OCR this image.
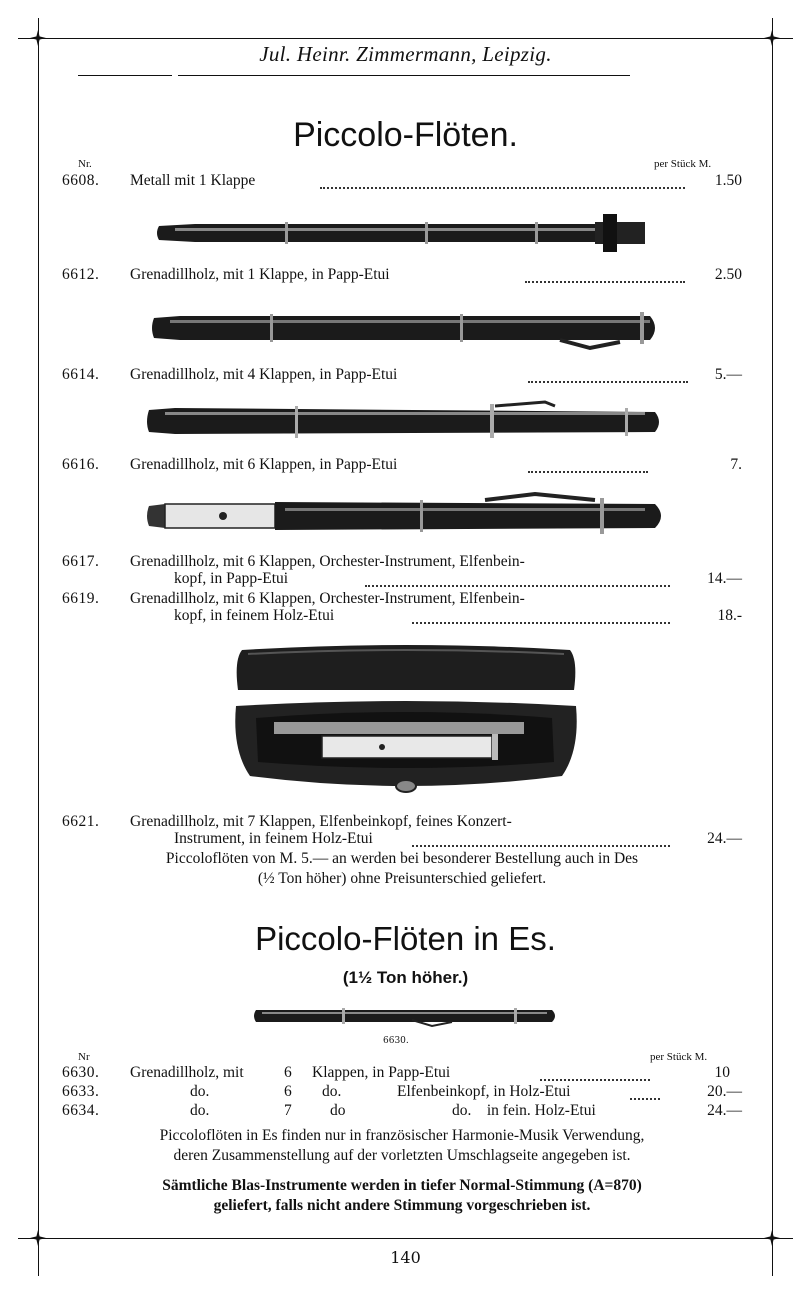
Jul. Heinr. Zimmermann, Leipzig.
Piccolo-Flöten.
Nr.	per Stück M.
6608.	Metall mit 1 Klappe	1.50
6612.	Grenadillholz, mit 1 Klappe, in Papp-Etui	2.50
6614.	Grenadillholz, mit 4 Klappen, in Papp-Etui	5.—
6616.	Grenadillholz, mit 6 Klappen, in Papp-Etui	7.
6617.	Grenadillholz, mit 6 Klappen, Orchester-Instrument, Elfenbein-
kopf, in Papp-Etui	14.—
6619.	Grenadillholz, mit 6 Klappen, Orchester-Instrument, Elfenbein-
kopf, in feinem Holz-Etui	18.-
6621.	Grenadillholz, mit 7 Klappen, Elfenbeinkopf, feines Konzert-
Instrument, in feinem Holz-Etui	24.—
Piccoloflöten von M. 5.— an werden bei besonderer Bestellung auch in Des
(½ Ton höher) ohne Preisunterschied geliefert.
Piccolo-Flöten in Es.
(1½ Ton höher.)
6630.
Nr	per Stück M.
6630.	Grenadillholz, mit	6 Klappen, in Papp-Etui	10
6633.	do.	6 do.	Elfenbeinkopf, in Holz-Etui	20.—
6634.	do.	7 do	do.    in fein. Holz-Etui	24.—
Piccoloflöten in Es finden nur in französischer Harmonie-Musik Verwendung,
deren Zusammenstellung auf der vorletzten Umschlagseite angegeben ist.
Sämtliche Blas-Instrumente werden in tiefer Normal-Stimmung (A=870)
geliefert, falls nicht andere Stimmung vorgeschrieben ist.
140
